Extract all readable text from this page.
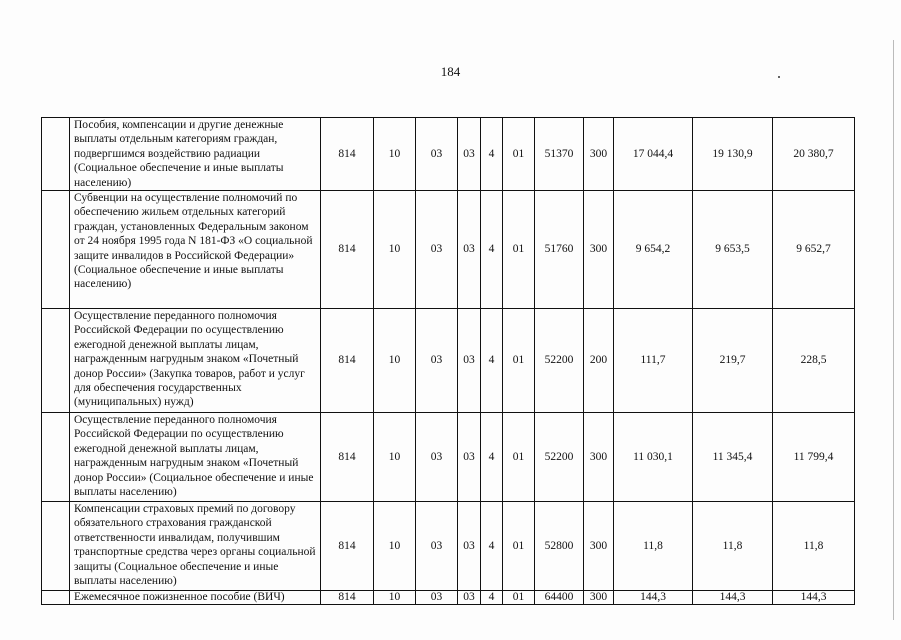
184
	Пособия, компенсации и другие денежные выплаты отдельным категориям граждан, подвергшимся воздействию радиации (Социальное обеспечение и иные выплаты населению)	814	10	03	03	4	01	51370	300	17 044,4	19 130,9	20 380,7
	Субвенции на осуществление полномочий по обеспечению жильем отдельных категорий граждан, установленных Федеральным законом от 24 ноября 1995 года N 181-ФЗ «О социальной защите инвалидов в Российской Федерации» (Социальное обеспечение и иные выплаты населению)	814	10	03	03	4	01	51760	300	9 654,2	9 653,5	9 652,7
	Осуществление переданного полномочия Российской Федерации по осуществлению ежегодной денежной выплаты лицам, награжденным нагрудным знаком «Почетный донор России» (Закупка товаров, работ и услуг для обеспечения государственных (муниципальных) нужд)	814	10	03	03	4	01	52200	200	111,7	219,7	228,5
	Осуществление переданного полномочия Российской Федерации по осуществлению ежегодной денежной выплаты лицам, награжденным нагрудным знаком «Почетный донор России» (Социальное обеспечение и иные выплаты населению)	814	10	03	03	4	01	52200	300	11 030,1	11 345,4	11 799,4
	Компенсации страховых премий по договору обязательного страхования гражданской ответственности инвалидам, получившим транспортные средства через органы социальной защиты (Социальное обеспечение и иные выплаты населению)	814	10	03	03	4	01	52800	300	11,8	11,8	11,8
	Ежемесячное пожизненное пособие (ВИЧ)	814	10	03	03	4	01	64400	300	144,3	144,3	144,3
